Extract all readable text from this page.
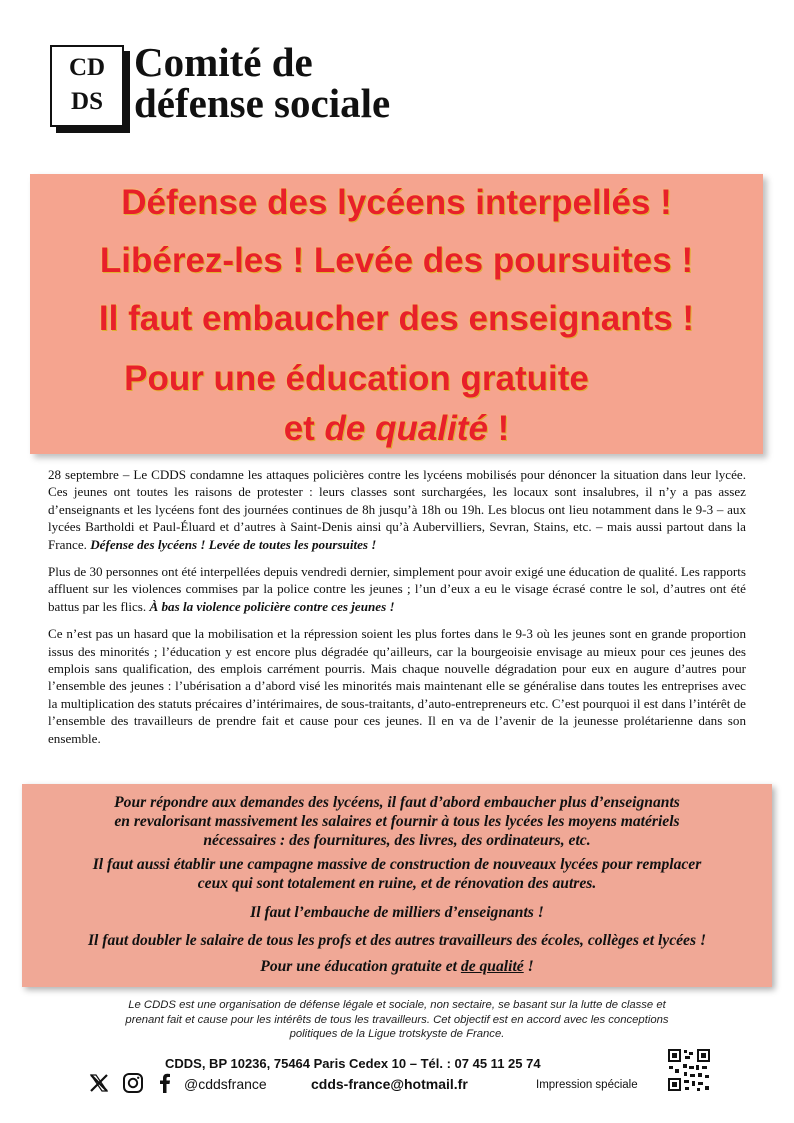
CD
DS
Comité de
défense sociale
Défense des lycéens interpellés !
Libérez-les ! Levée des poursuites !
Il faut embaucher des enseignants !
Pour une éducation gratuite
et de qualité !

28 septembre – Le CDDS condamne les attaques policières contre les lycéens mobilisés pour dénoncer la situation dans leur lycée. Ces jeunes ont toutes les raisons de protester : leurs classes sont surchargées, les locaux sont insalubres, il n’y a pas assez d’enseignants et les lycéens font des journées continues de 8h jusqu’à 18h ou 19h. Les blocus ont lieu notamment dans le 9-3 – aux lycées Bartholdi et Paul-Éluard et d’autres à Saint-Denis ainsi qu’à Aubervilliers, Sevran, Stains, etc. – mais aussi partout dans la France. Défense des lycéens ! Levée de toutes les poursuites !

Plus de 30 personnes ont été interpellées depuis vendredi dernier, simplement pour avoir exigé une éducation de qualité. Les rapports affluent sur les violences commises par la police contre les jeunes ; l’un d’eux a eu le visage écrasé contre le sol, d’autres ont été battus par les flics. À bas la violence policière contre ces jeunes !

Ce n’est pas un hasard que la mobilisation et la répression soient les plus fortes dans le 9-3 où les jeunes sont en grande proportion issus des minorités ; l’éducation y est encore plus dégradée qu’ailleurs, car la bourgeoisie envisage au mieux pour ces jeunes des emplois sans qualification, des emplois carrément pourris. Mais chaque nouvelle dégradation pour eux en augure d’autres pour l’ensemble des jeunes : l’ubérisation a d’abord visé les minorités mais maintenant elle se généralise dans toutes les entreprises avec la multiplication des statuts précaires d’intérimaires, de sous-traitants, d’auto-entrepreneurs etc. C’est pourquoi il est dans l’intérêt de l’ensemble des travailleurs de prendre fait et cause pour ces jeunes. Il en va de l’avenir de la jeunesse prolétarienne dans son ensemble.

Pour répondre aux demandes des lycéens, il faut d’abord embaucher plus d’enseignants

en revalorisant massivement les salaires et fournir à tous les lycées les moyens matériels

nécessaires : des fournitures, des livres, des ordinateurs, etc.

Il faut aussi établir une campagne massive de construction de nouveaux lycées pour remplacer

ceux qui sont totalement en ruine, et de rénovation des autres.

Il faut l’embauche de milliers d’enseignants !

Il faut doubler le salaire de tous les profs et des autres travailleurs des écoles, collèges et lycées !

Pour une éducation gratuite et de qualité !

Le CDDS est une organisation de défense légale et sociale, non sectaire, se basant sur la lutte de classe et
prenant fait et cause pour les intérêts de tous les travailleurs. Cet objectif est en accord avec les conceptions
politiques de la Ligue trotskyste de France.
CDDS, BP 10236, 75464 Paris Cedex 10 – Tél. : 07 45 11 25 74
@cddsfrance	cdds-france@hotmail.fr	Impression spéciale
